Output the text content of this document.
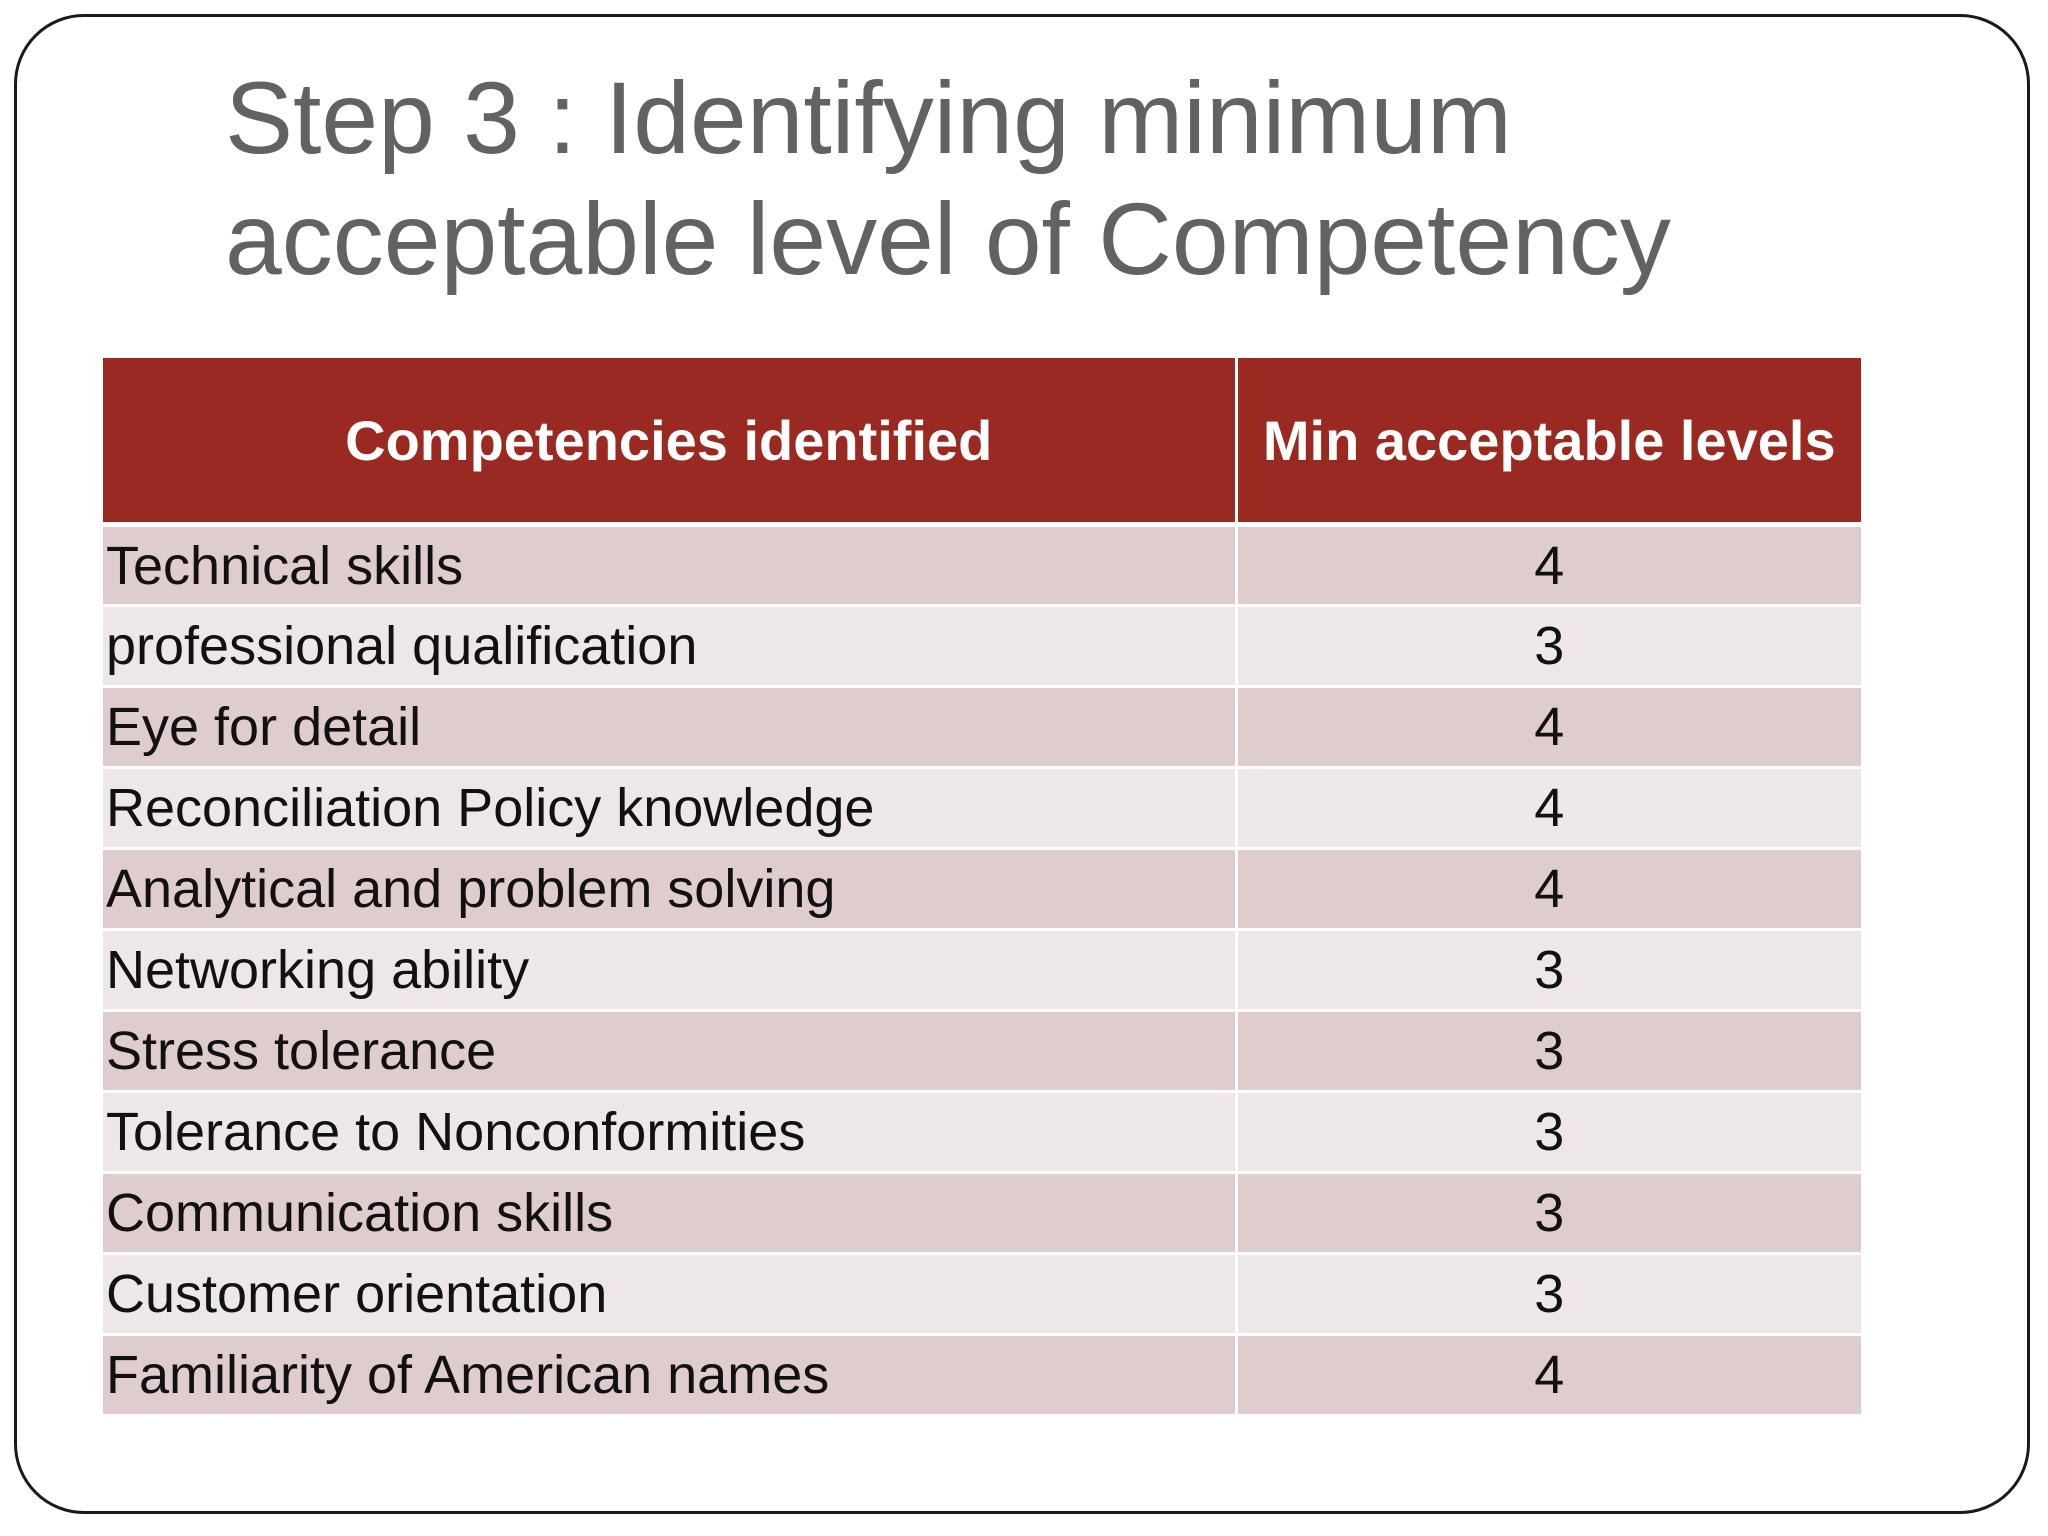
Step 3 : Identifying minimum
acceptable level of Competency
Competencies identified	Min acceptable levels
Technical skills	4
professional qualification	3
Eye for detail	4
Reconciliation Policy knowledge	4
Analytical and problem solving	4
Networking ability	3
Stress tolerance	3
Tolerance to Nonconformities	3
Communication skills	3
Customer orientation	3
Familiarity of American names	4
